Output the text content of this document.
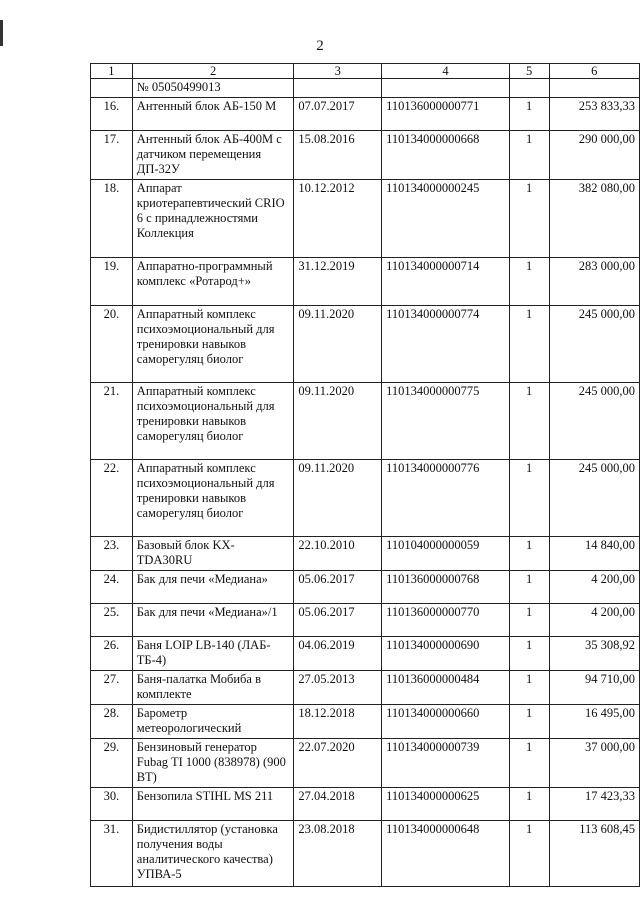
2
1	2	3	4	5	6
	№ 05050499013				
16.	Антенный блок АБ-150 М	07.07.2017	110136000000771	1	253 833,33
17.	Антенный блок АБ-400М с датчиком перемещения ДП-32У	15.08.2016	110134000000668	1	290 000,00
18.	Аппарат криотерапевтический CRIO 6 с принадлежностями Коллекция	10.12.2012	110134000000245	1	382 080,00
19.	Аппаратно-программный комплекс «Ротарод+»	31.12.2019	110134000000714	1	283 000,00
20.	Аппаратный комплекс психоэмоциональный для тренировки навыков саморегуляц биолог	09.11.2020	110134000000774	1	245 000,00
21.	Аппаратный комплекс психоэмоциональный для тренировки навыков саморегуляц биолог	09.11.2020	110134000000775	1	245 000,00
22.	Аппаратный комплекс психоэмоциональный для тренировки навыков саморегуляц биолог	09.11.2020	110134000000776	1	245 000,00
23.	Базовый блок KX-TDA30RU	22.10.2010	110104000000059	1	14 840,00
24.	Бак для печи «Медиана»	05.06.2017	110136000000768	1	4 200,00
25.	Бак для печи «Медиана»/1	05.06.2017	110136000000770	1	4 200,00
26.	Баня LOIP LB-140 (ЛАБ-ТБ-4)	04.06.2019	110134000000690	1	35 308,92
27.	Баня-палатка Мобиба в комплекте	27.05.2013	110136000000484	1	94 710,00
28.	Барометр метеорологический	18.12.2018	110134000000660	1	16 495,00
29.	Бензиновый генератор Fubag TI 1000 (838978) (900 ВТ)	22.07.2020	110134000000739	1	37 000,00
30.	Бензопила STIHL MS 211	27.04.2018	110134000000625	1	17 423,33
31.	Бидистиллятор (установка получения воды аналитического качества) УПВА-5	23.08.2018	110134000000648	1	113 608,45
